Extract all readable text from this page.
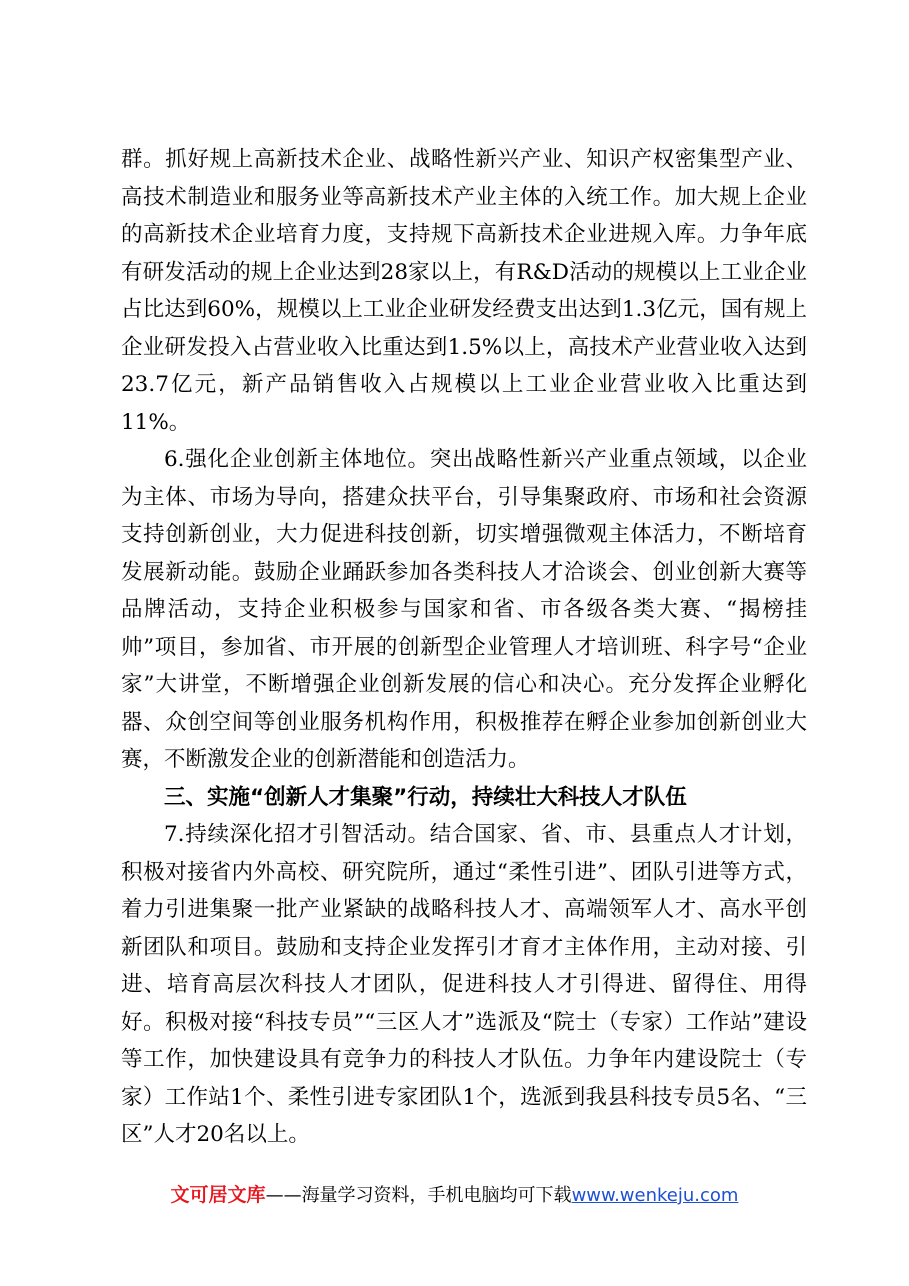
群。抓好规上高新技术企业、战略性新兴产业、知识产权密集型产业、高技术制造业和服务业等高新技术产业主体的入统工作。加大规上企业的高新技术企业培育力度，支持规下高新技术企业进规入库。力争年底有研发活动的规上企业达到28家以上，有R&D活动的规模以上工业企业占比达到60%，规模以上工业企业研发经费支出达到1.3亿元，国有规上企业研发投入占营业收入比重达到1.5%以上，高技术产业营业收入达到23.7亿元，新产品销售收入占规模以上工业企业营业收入比重达到11%。

6.强化企业创新主体地位。突出战略性新兴产业重点领域，以企业为主体、市场为导向，搭建众扶平台，引导集聚政府、市场和社会资源支持创新创业，大力促进科技创新，切实增强微观主体活力，不断培育发展新动能。鼓励企业踊跃参加各类科技人才洽谈会、创业创新大赛等品牌活动，支持企业积极参与国家和省、市各级各类大赛、“揭榜挂帅”项目，参加省、市开展的创新型企业管理人才培训班、科字号“企业家”大讲堂，不断增强企业创新发展的信心和决心。充分发挥企业孵化器、众创空间等创业服务机构作用，积极推荐在孵企业参加创新创业大赛，不断激发企业的创新潜能和创造活力。

三、实施“创新人才集聚”行动，持续壮大科技人才队伍

7.持续深化招才引智活动。结合国家、省、市、县重点人才计划，积极对接省内外高校、研究院所，通过“柔性引进”、团队引进等方式，着力引进集聚一批产业紧缺的战略科技人才、高端领军人才、高水平创新团队和项目。鼓励和支持企业发挥引才育才主体作用，主动对接、引进、培育高层次科技人才团队，促进科技人才引得进、留得住、用得好。积极对接“科技专员”“三区人才”选派及“院士（专家）工作站”建设等工作，加快建设具有竞争力的科技人才队伍。力争年内建设院士（专家）工作站1个、柔性引进专家团队1个，选派到我县科技专员5名、“三区”人才20名以上。

文可居文库——海量学习资料，手机电脑均可下载www.wenkeju.com
